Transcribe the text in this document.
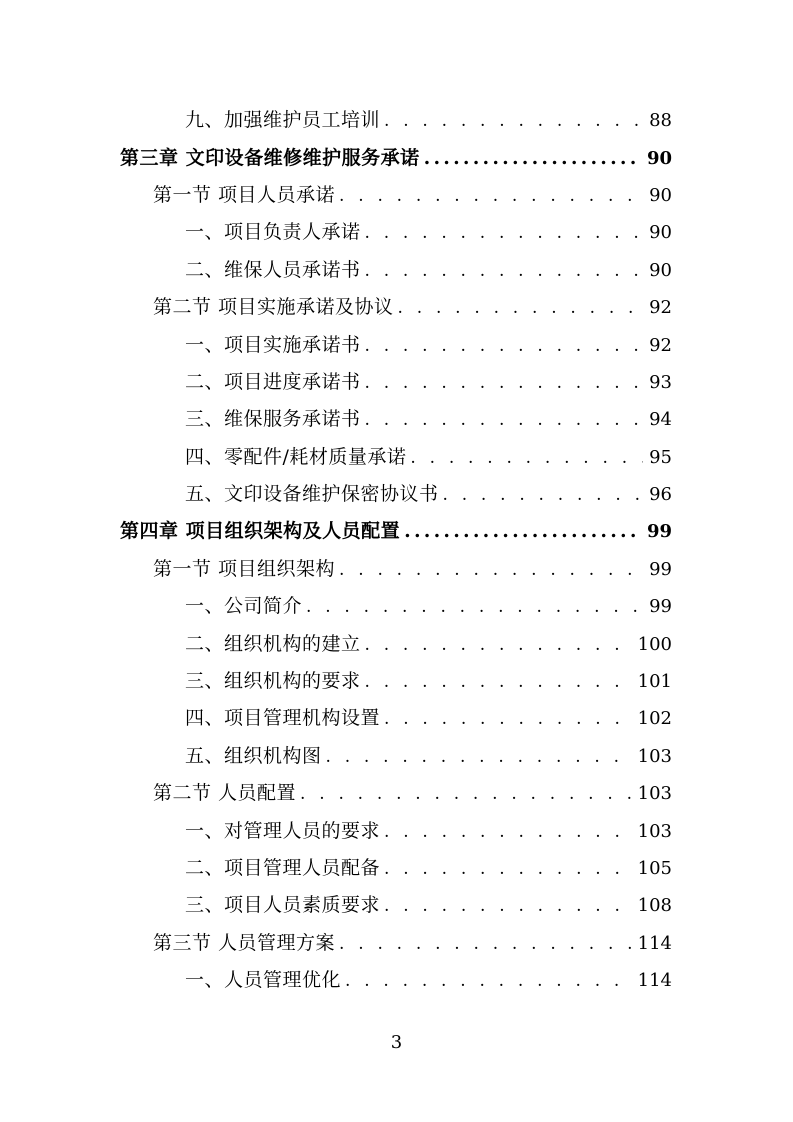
九、加强维护员工培训 . . .	88
第三章 文印设备维修维护服务承诺 .....	90
第一节 项目人员承诺 . . .	90
一、项目负责人承诺 . . .	90
二、维保人员承诺书 . . .	90
第二节 项目实施承诺及协议 . . .	92
一、项目实施承诺书 . . .	92
二、项目进度承诺书 . . .	93
三、维保服务承诺书 . . .	94
四、零配件/耗材质量承诺 . . .	95
五、文印设备维护保密协议书 . . .	96
第四章 项目组织架构及人员配置 .....	99
第一节 项目组织架构 . . .	99
一、公司简介 . . .	99
二、组织机构的建立 . . .	100
三、组织机构的要求 . . .	101
四、项目管理机构设置 . . .	102
五、组织机构图 . . .	103
第二节 人员配置 . . .	103
一、对管理人员的要求 . . .	103
二、项目管理人员配备 . . .	105
三、项目人员素质要求 . . .	108
第三节 人员管理方案 . . .	114
一、人员管理优化 . . .	114
3
